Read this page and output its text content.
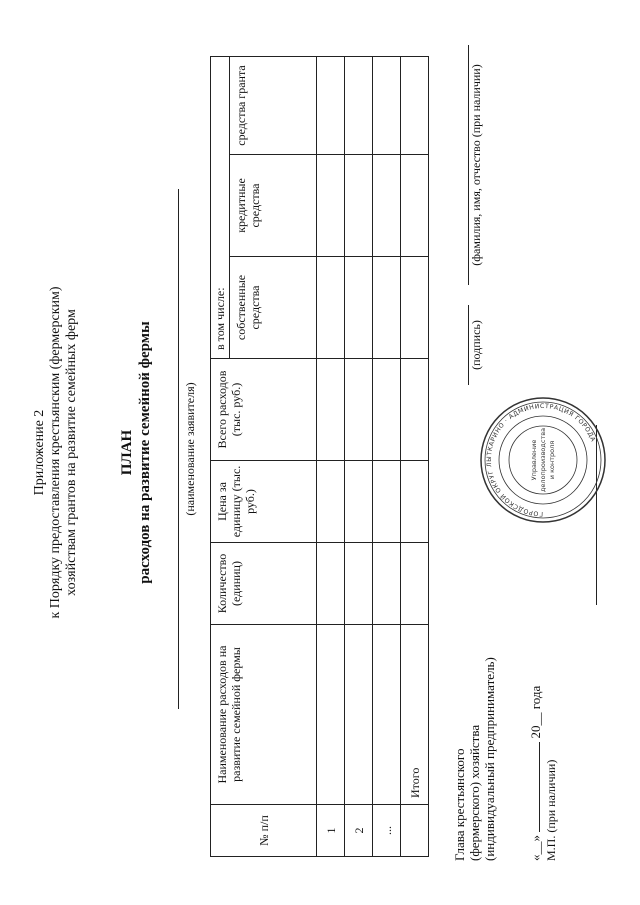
Приложение 2 к Порядку предоставления крестьянским (фермерским) хозяйствам грантов на развитие семейных ферм	ПЛАН расходов на развитие семейной фермы	(наименование заявителя)
№ п/п	Наименование расходов на развитие семейной фермы	Количество (единиц)	Цена за единицу (тыс. руб.)	Всего расходов (тыс. руб.)	в том числе:		
					собственные средства	кредитные средства	средства гранта
1							
2							
...							
	Итого						Глава крестьянского (фермерского) хозяйства (индивидуальный предприниматель)
(подпись)
(фамилия, имя, отчество (при наличии)
«__»  20__ года
М.П. (при наличии)
ГОРОДСКОЙ ОКРУГ ЛЫТКАРИНО · АДМИНИСТРАЦИЯ ГОРОДА
Управление делопроизводства и контроля
